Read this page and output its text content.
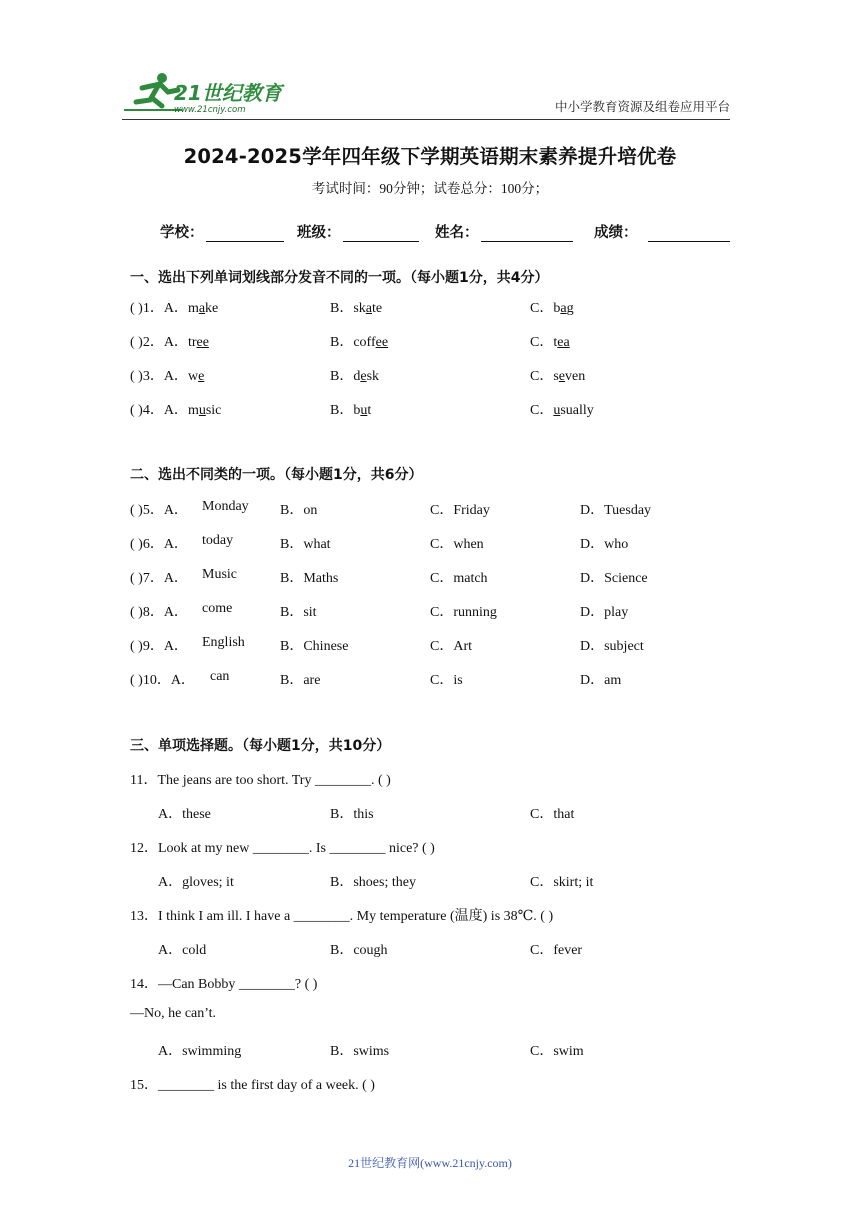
21世纪教育
www.21cnjy.com	中小学教育资源及组卷应用平台
2024-2025学年四年级下学期英语期末素养提升培优卷
考试时间：90分钟；试卷总分：100分；
学校：	班级：	姓名：	成绩：
一、选出下列单词划线部分发音不同的一项。（每小题1分，共4分）
( )1．A．make	B．skate	C．bag
( )2．A．tree	B．coffee	C．tea
( )3．A．we	B．desk	C．seven
( )4．A．music	B．but	C．usually
二、选出不同类的一项。（每小题1分，共6分）
( )5．A． Monday B．on	C．Friday	D．Tuesday
( )6．A． today	B．what	C．when	D．who
( )7．A． Music	B．Maths	C．match	D．Science
( )8．A． come	B．sit	C．running	D．play
( )9．A． English	B．Chinese	C．Art	D．subject
( )10．A． can	B．are	C．is	D．am
三、单项选择题。（每小题1分，共10分）
11．The jeans are too short. Try ________. ( )
A．these	B．this	C．that
12．Look at my new ________. Is ________ nice? ( )
A．gloves; it	B．shoes; they	C．skirt; it
13．I think I am ill. I have a ________. My temperature (温度) is 38℃. ( )
A．cold	B．cough	C．fever
14．—Can Bobby ________? ( )
—No, he can’t.
A．swimming	B．swims	C．swim
15．________ is the first day of a week. ( )
21世纪教育网(www.21cnjy.com)
